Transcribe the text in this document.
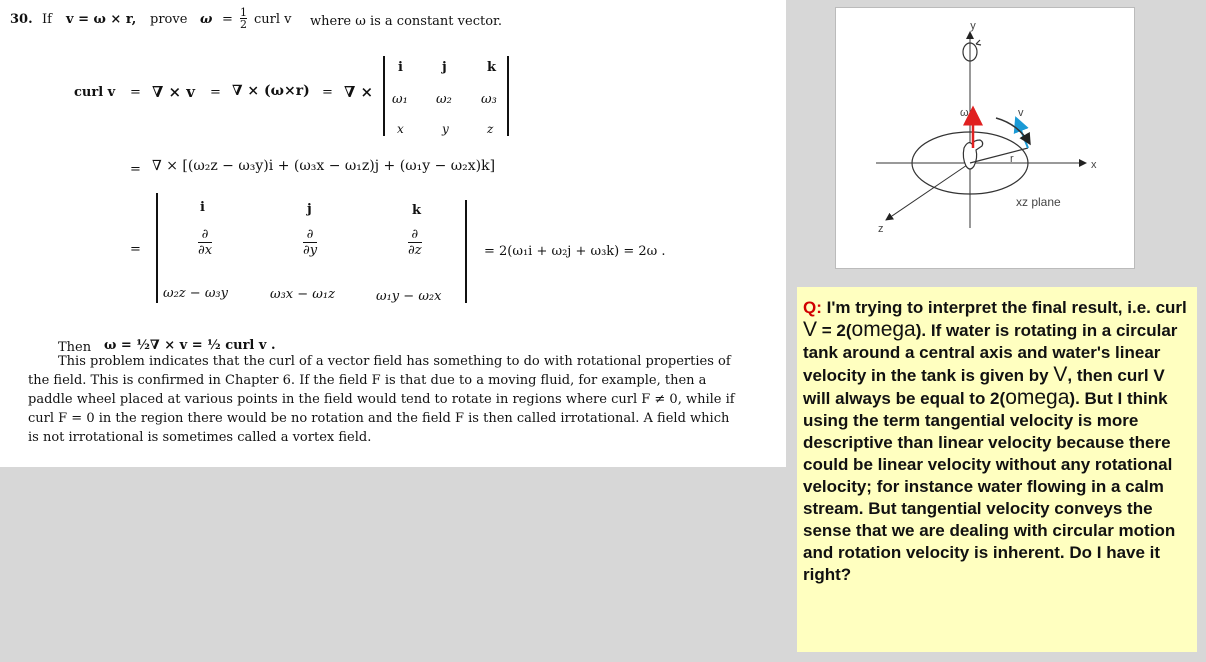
30. If v = ω × r, prove $\omega = \frac{1}{2}$ curl v where ω is a constant vector.
curl v = ∇ × v = ∇ × (ω×r) = ∇ ×
i	j	k
ω₁ ω₂ ω₃
x	y	z
= ∇ × [(ω₂z − ω₃y)i + (ω₃x − ω₁z)j + (ω₁y − ω₂x)k]
=
i	j	k
$\frac{\partial}{\partial x}$	$\frac{\partial}{\partial y}$	$\frac{\partial}{\partial z}$
ω₂z − ω₃y	ω₃x − ω₁z	ω₁y − ω₂x
= 2(ω₁i + ω₂j + ω₃k) = 2ω .
Then ω = ½∇ × v = ½ curl v .

This problem indicates that the curl of a vector field has something to do with rotational properties of

the field. This is confirmed in Chapter 6. If the field F is that due to a moving fluid, for example, then a

paddle wheel placed at various points in the field would tend to rotate in regions where curl F ≠ 0, while if

curl F = 0 in the region there would be no rotation and the field F is then called irrotational. A field which

is not irrotational is sometimes called a vortex field.

y
x
z
ω	v
r
xz plane
Q: I'm trying to interpret the final result, i.e. curl V = 2(omega). If water is rotating in a circular tank around a central axis and water's linear velocity in the tank is given by V, then curl V will always be equal to 2(omega). But I think using the term tangential velocity is more descriptive than linear velocity because there could be linear velocity without any rotational velocity; for instance water flowing in a calm stream. But tangential velocity conveys the sense that we are dealing with circular motion and rotation velocity is inherent. Do I have it right?
